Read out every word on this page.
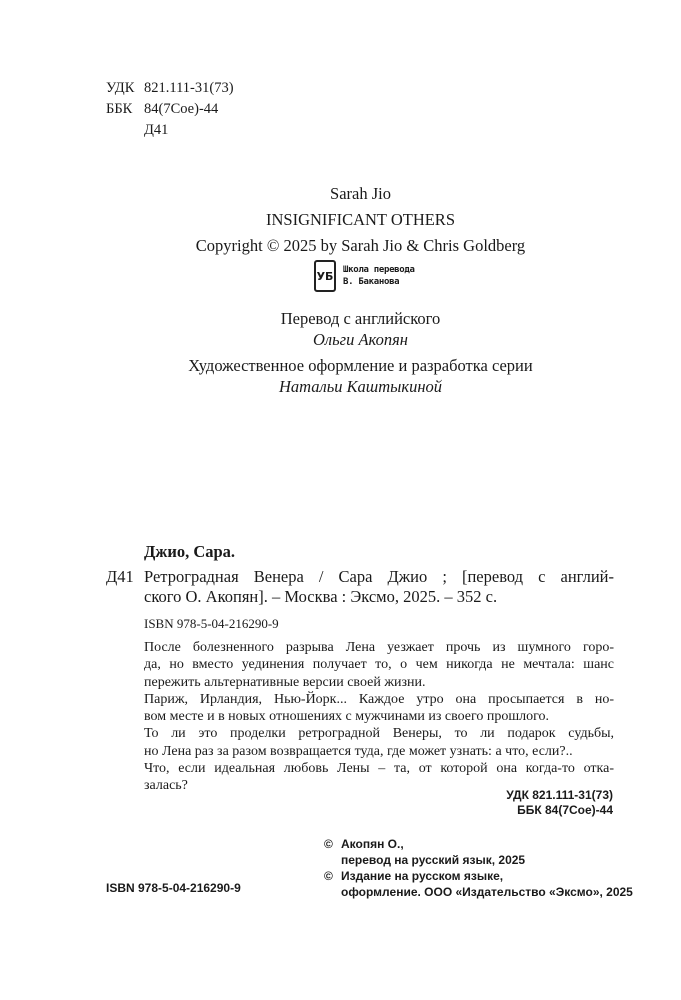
УДК 821.111-31(73)
ББК 84(7Сое)-44
Д41
Sarah Jio
INSIGNIFICANT OTHERS
Copyright © 2025 by Sarah Jio & Chris Goldberg
УБ Школа перевода
В. Баканова
Перевод с английского
Ольги Акопян
Художественное оформление и разработка серии
Натальи Каштыкиной
Джио, Сара.
Д41 Ретроградная Венера / Сара Джио ; [перевод с англий-
ского О. Акопян]. – Москва : Эксмо, 2025. – 352 с.
ISBN 978-5-04-216290-9
После болезненного разрыва Лена уезжает прочь из шумного горо-
да, но вместо уединения получает то, о чем никогда не мечтала: шанс
пережить альтернативные версии своей жизни.
Париж, Ирландия, Нью-Йорк... Каждое утро она просыпается в но-
вом месте и в новых отношениях с мужчинами из своего прошлого.
То ли это проделки ретроградной Венеры, то ли подарок судьбы,
но Лена раз за разом возвращается туда, где может узнать: а что, если?..
Что, если идеальная любовь Лены – та, от которой она когда-то отка-
залась?
УДК 821.111-31(73)
ББК 84(7Сое)-44
© Акопян О.,
перевод на русский язык, 2025
© Издание на русском языке,
оформление. ООО «Издательство «Эксмо», 2025
ISBN 978-5-04-216290-9
